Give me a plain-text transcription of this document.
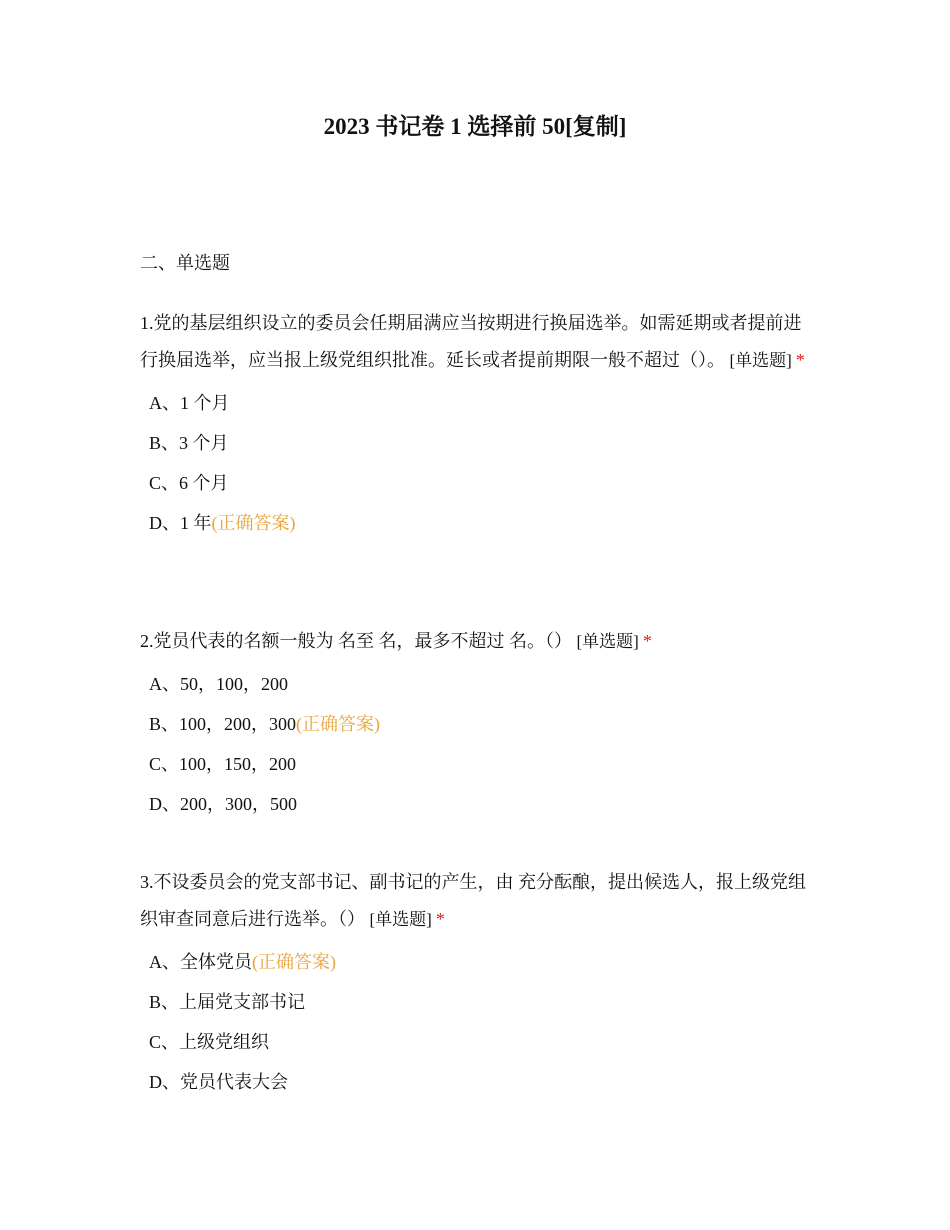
2023 书记卷 1 选择前 50[复制]
二、单选题

1.党的基层组织设立的委员会任期届满应当按期进行换届选举。如需延期或者提前进行换届选举，应当报上级党组织批准。延长或者提前期限一般不超过（）。 [单选题] *

A、1 个月
B、3 个月
C、6 个月
D、1 年(正确答案)

2.党员代表的名额一般为 名至 名，最多不超过 名。（） [单选题] *

A、50，100，200
B、100，200，300(正确答案)
C、100，150，200
D、200，300，500

3.不设委员会的党支部书记、副书记的产生，由 充分酝酿，提出候选人，报上级党组织审查同意后进行选举。（） [单选题] *

A、全体党员(正确答案)
B、上届党支部书记
C、上级党组织
D、党员代表大会
